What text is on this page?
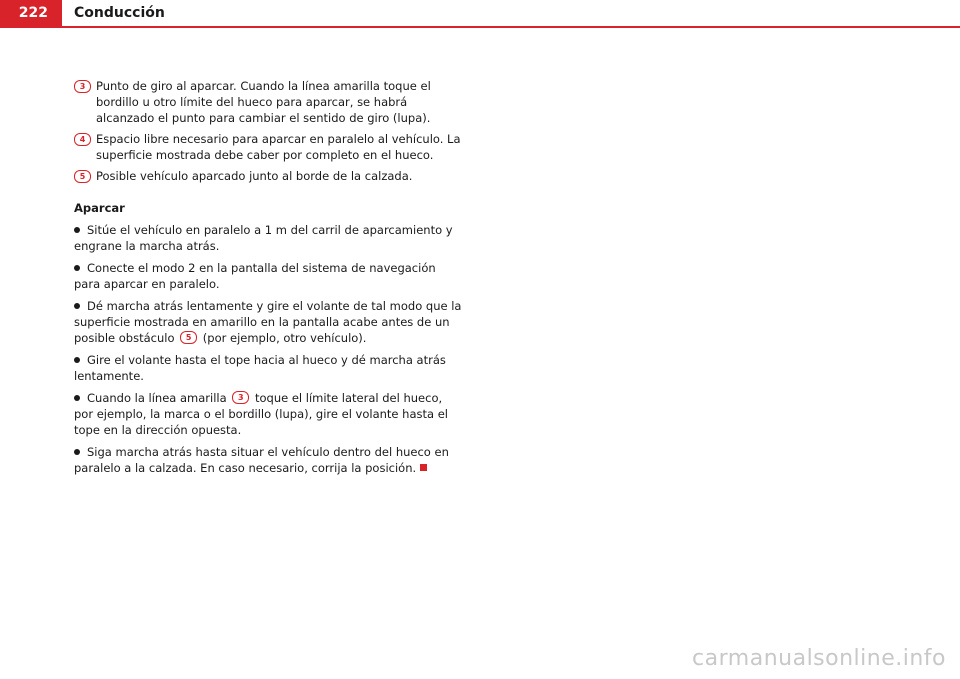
222	Conducción
3 Punto de giro al aparcar. Cuando la línea amarilla toque el bordillo u otro límite del hueco para aparcar, se habrá alcanzado el punto para cambiar el sentido de giro (lupa).
4 Espacio libre necesario para aparcar en paralelo al vehículo. La superficie mostrada debe caber por completo en el hueco.
5 Posible vehículo aparcado junto al borde de la calzada.
Aparcar
Sitúe el vehículo en paralelo a 1 m del carril de aparcamiento y engrane la marcha atrás.
Conecte el modo 2 en la pantalla del sistema de navegación para aparcar en paralelo.
Dé marcha atrás lentamente y gire el volante de tal modo que la superficie mostrada en amarillo en la pantalla acabe antes de un posible obstáculo 5 (por ejemplo, otro vehículo).
Gire el volante hasta el tope hacia al hueco y dé marcha atrás lentamente.
Cuando la línea amarilla 3 toque el límite lateral del hueco, por ejemplo, la marca o el bordillo (lupa), gire el volante hasta el tope en la dirección opuesta.
Siga marcha atrás hasta situar el vehículo dentro del hueco en paralelo a la calzada. En caso necesario, corrija la posición.
carmanualsonline.info
